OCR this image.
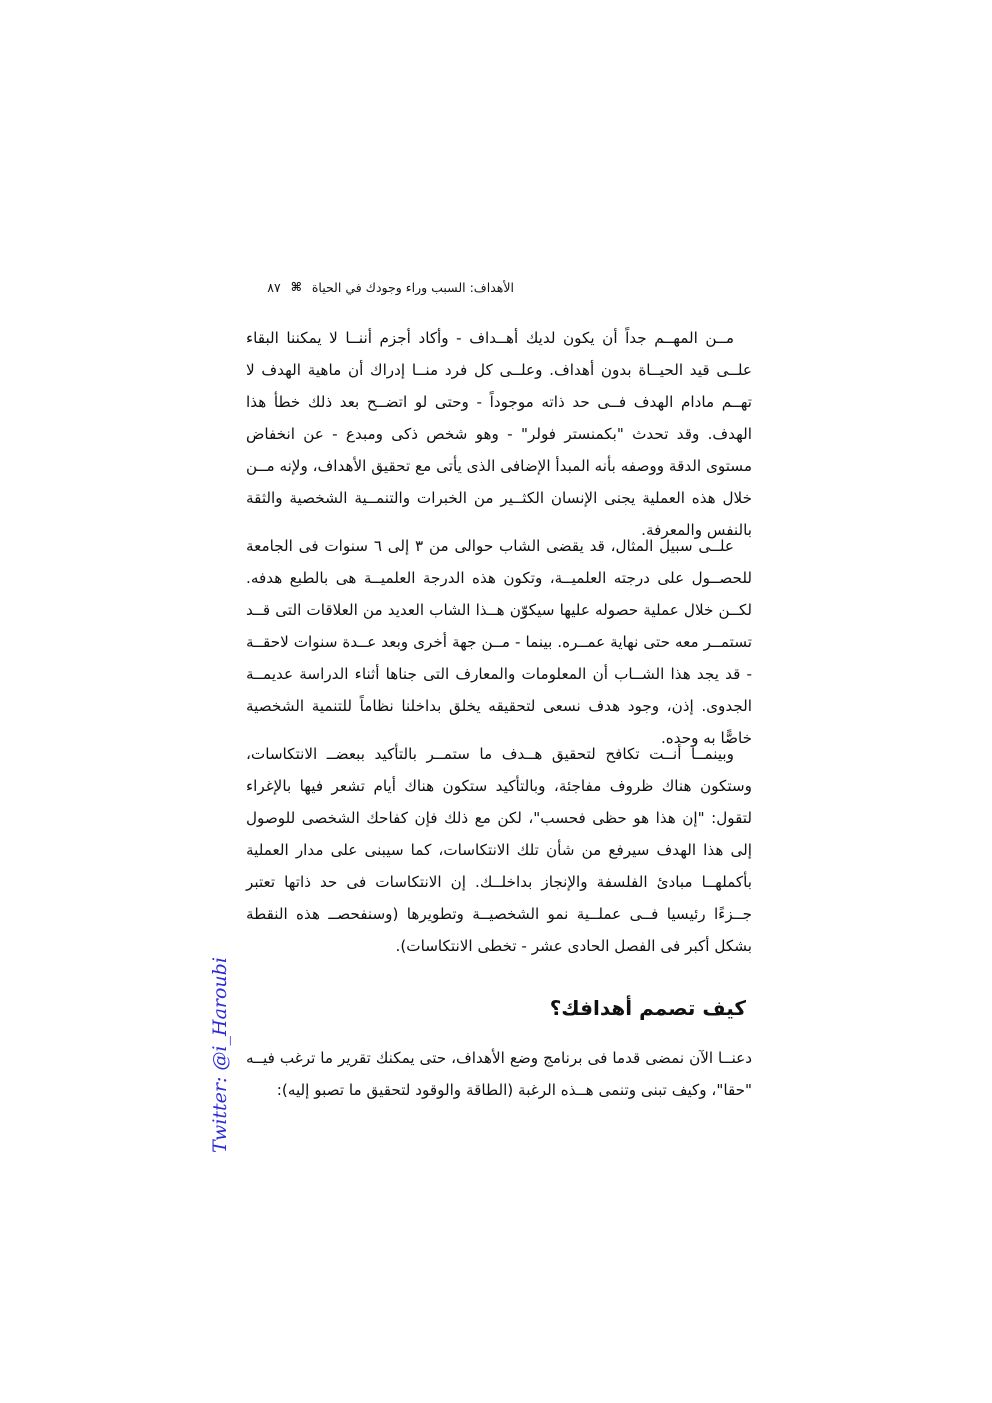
الأهداف: السبب وراء وجودك في الحياة
⌘
٨٧

مــن المهــم جداً أن يكون لديك أهــداف - وأكاد أجزم أننــا لا يمكننا البقاء علــى قيد الحيــاة بدون أهداف. وعلــى كل فرد منــا إدراك أن ماهية الهدف لا تهــم مادام الهدف فــى حد ذاته موجوداً - وحتى لو اتضــح بعد ذلك خطأ هذا الهدف. وقد تحدث "بكمنستر فولر" - وهو شخص ذكى ومبدع - عن انخفاض مستوى الدقة ووصفه بأنه المبدأ الإضافى الذى يأتى مع تحقيق الأهداف، ولإنه مــن خلال هذه العملية يجنى الإنسان الكثــير من الخبرات والتنمــية الشخصية والثقة بالنفس والمعرفة.

علــى سبيل المثال، قد يقضى الشاب حوالى من ٣ إلى ٦ سنوات فى الجامعة للحصــول على درجته العلميــة، وتكون هذه الدرجة العلميــة هى بالطبع هدفه. لكــن خلال عملية حصوله عليها سيكوّن هــذا الشاب العديد من العلاقات التى قــد تستمــر معه حتى نهاية عمــره. بينما - مــن جهة أخرى وبعد عــدة سنوات لاحقــة - قد يجد هذا الشــاب أن المعلومات والمعارف التى جناها أثناء الدراسة عديمــة الجدوى. إذن، وجود هدف نسعى لتحقيقه يخلق بداخلنا نظاماً للتنمية الشخصية خاصًّا به وحده.

وبينمــا أنــت تكافح لتحقيق هــدف ما ستمــر بالتأكيد ببعضــ الانتكاسات، وستكون هناك ظروف مفاجئة، وبالتأكيد ستكون هناك أيام تشعر فيها بالإغراء لتقول: "إن هذا هو حظى فحسب"، لكن مع ذلك فإن كفاحك الشخصى للوصول إلى هذا الهدف سيرفع من شأن تلك الانتكاسات، كما سيبنى على مدار العملية بأكملهــا مبادئ الفلسفة والإنجاز بداخلــك. إن الانتكاسات فى حد ذاتها تعتبر جــزءًا رئيسيا فــى عملــية نمو الشخصيــة وتطويرها (وسنفحصــ هذه النقطة بشكل أكبر فى الفصل الحادى عشر - تخطى الانتكاسات).

كيف تصمم أهدافك؟

دعنــا الآن نمضى قدما فى برنامج وضع الأهداف، حتى يمكنك تقرير ما ترغب فيــه "حقا"، وكيف تبنى وتنمى هــذه الرغبة (الطاقة والوقود لتحقيق ما تصبو إليه):

Twitter: @i_Haroubi
